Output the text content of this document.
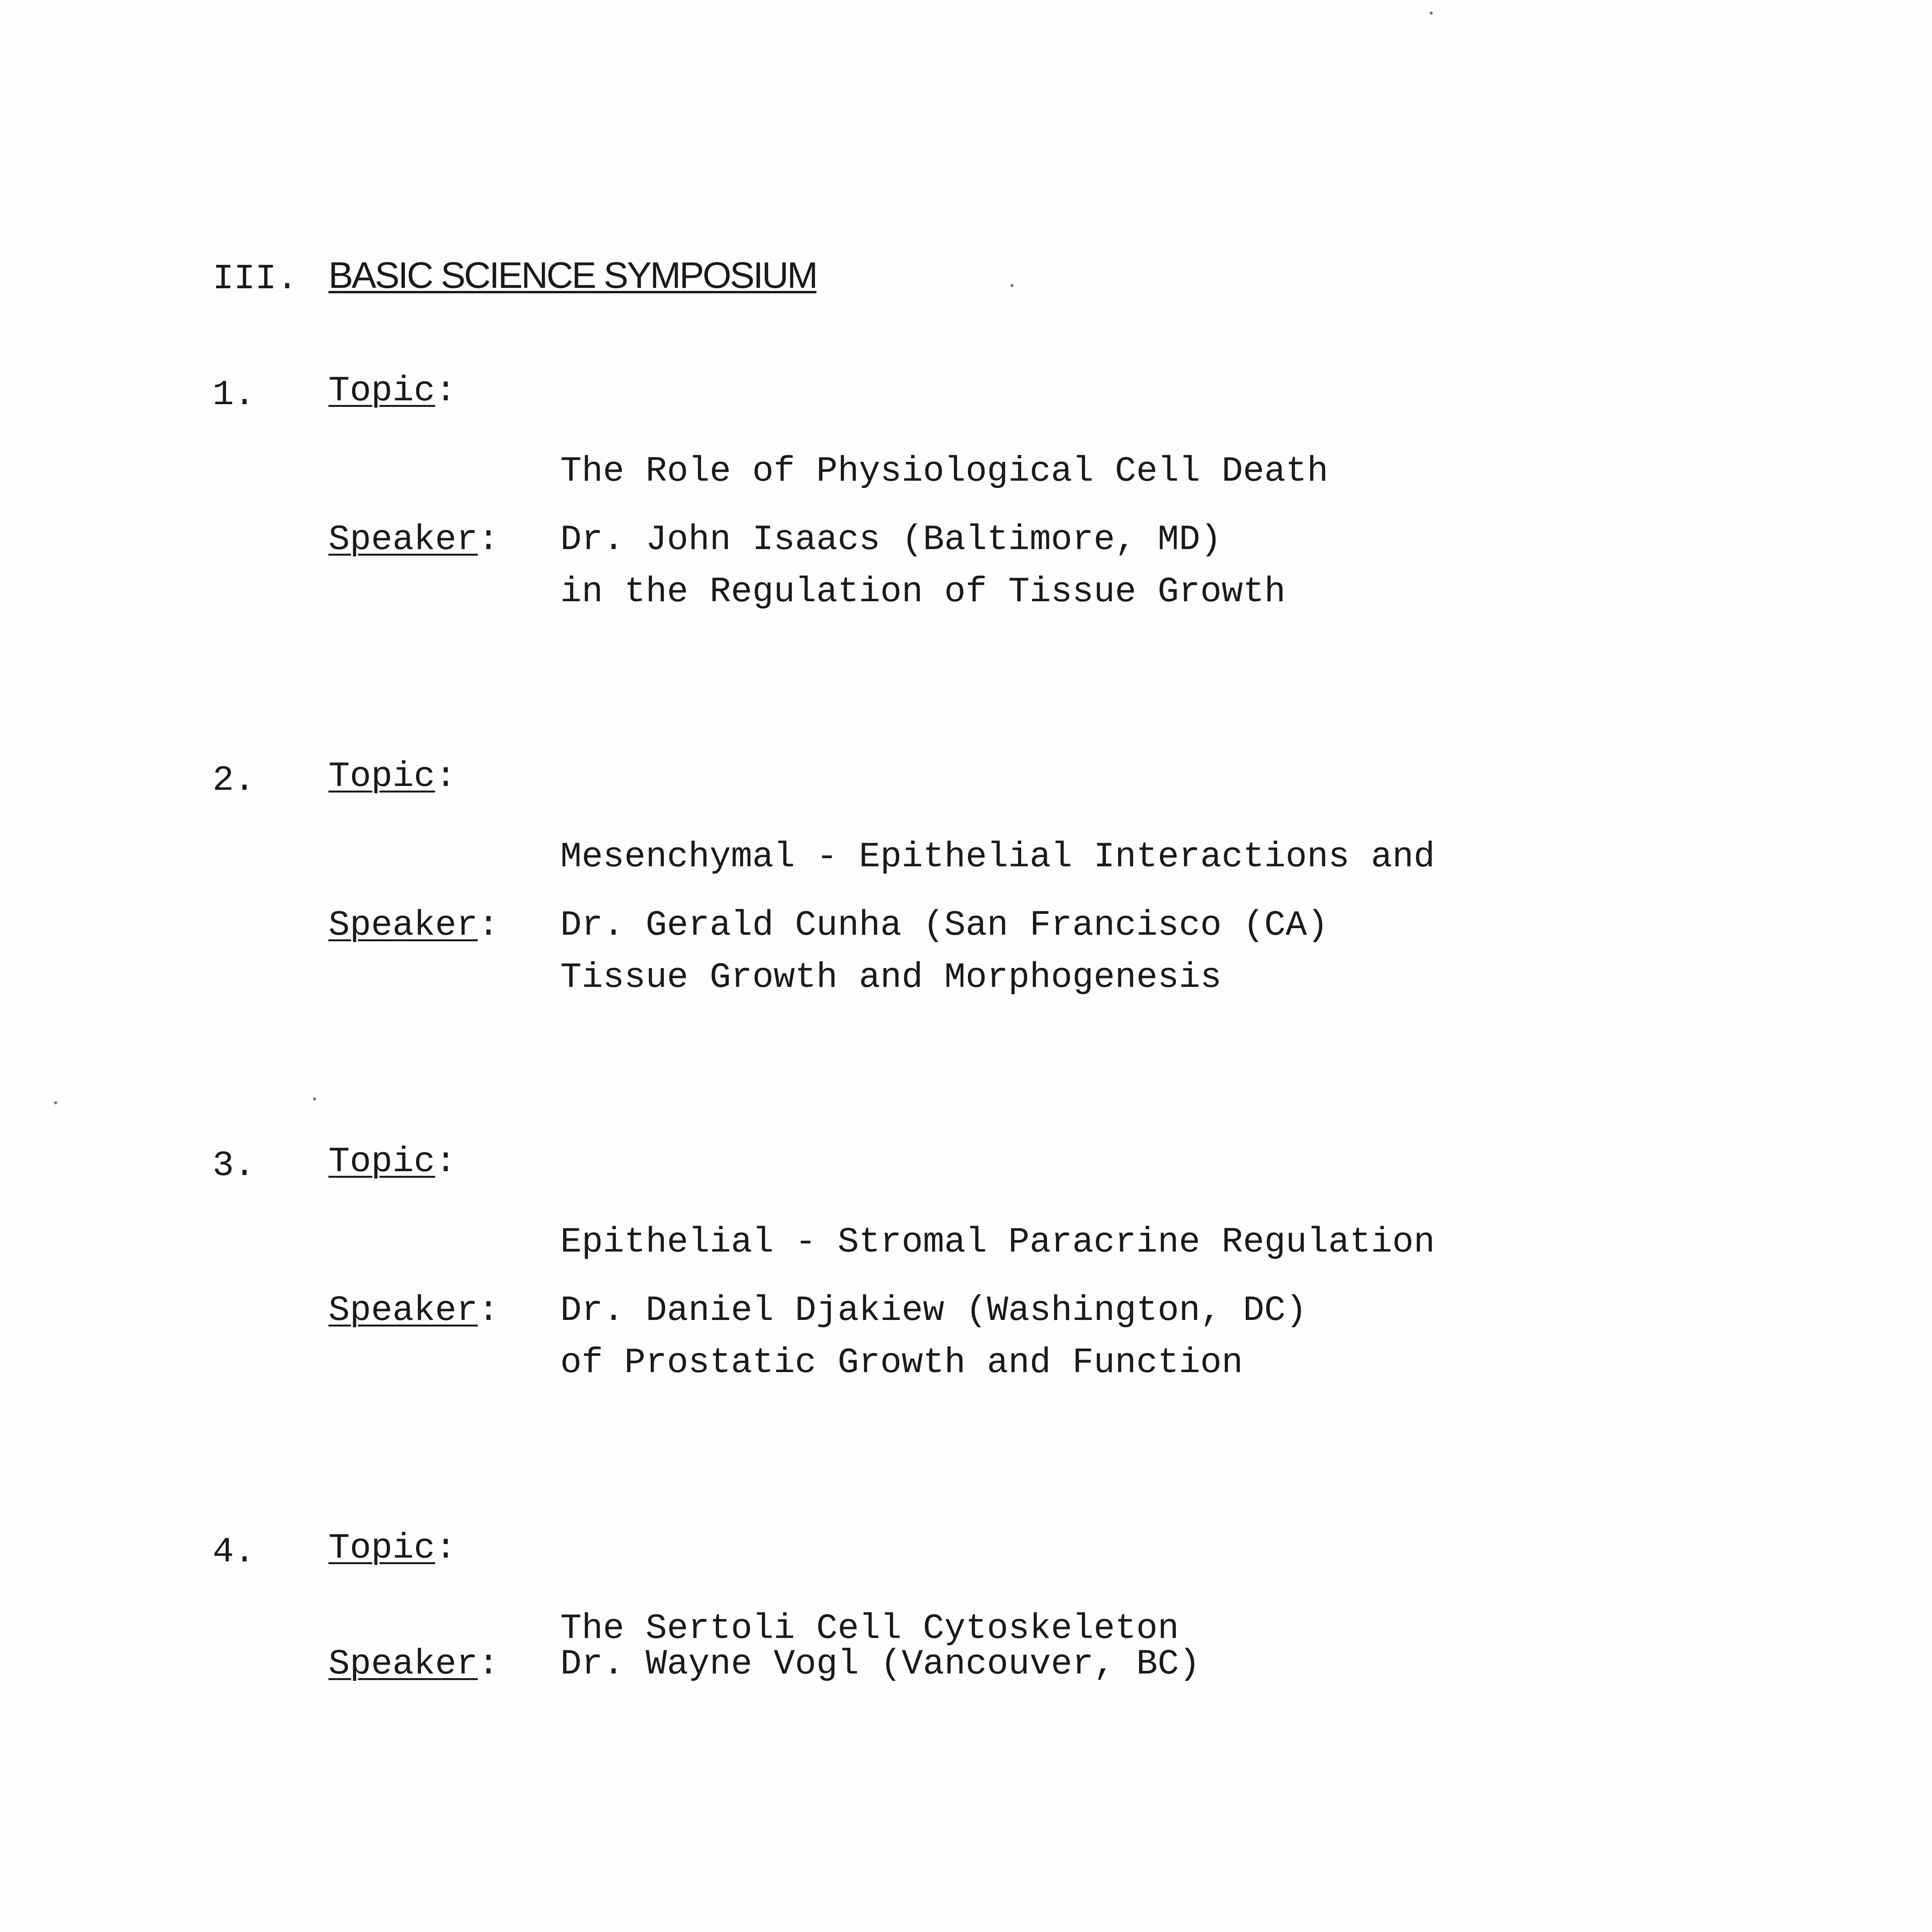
III. BASIC SCIENCE SYMPOSIUM
1. Topic:

The Role of Physiological Cell Death

in the Regulation of Tissue Growth

Speaker: Dr. John Isaacs (Baltimore, MD)
2. Topic:

Mesenchymal - Epithelial Interactions and

Tissue Growth and Morphogenesis

Speaker: Dr. Gerald Cunha (San Francisco (CA)
3. Topic:

Epithelial - Stromal Paracrine Regulation

of Prostatic Growth and Function

Speaker: Dr. Daniel Djakiew (Washington, DC)
4. Topic:

The Sertoli Cell Cytoskeleton

Speaker: Dr. Wayne Vogl (Vancouver, BC)
